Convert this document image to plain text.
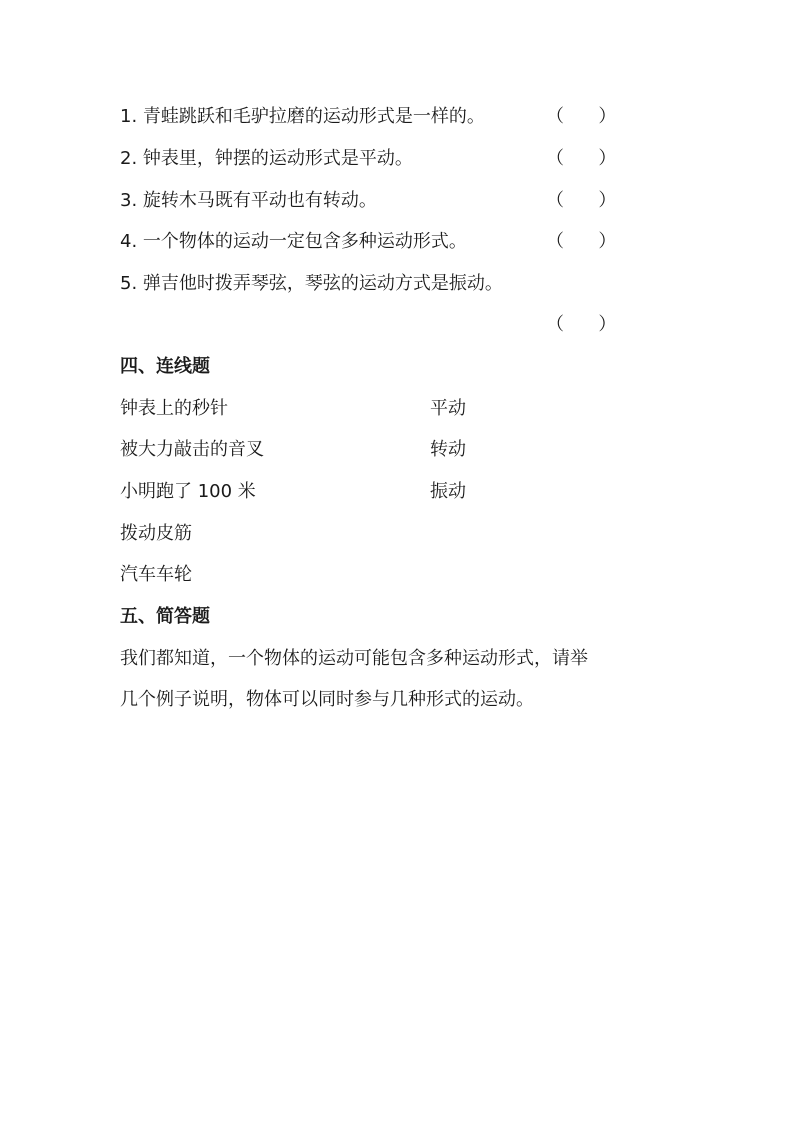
1. 青蛙跳跃和毛驴拉磨的运动形式是一样的。	（      ）
2. 钟表里，钟摆的运动形式是平动。	（      ）
3. 旋转木马既有平动也有转动。	（      ）
4. 一个物体的运动一定包含多种运动形式。	（      ）
5. 弹吉他时拨弄琴弦，琴弦的运动方式是振动。
（      ）
四、连线题
钟表上的秒针	平动
被大力敲击的音叉	转动
小明跑了 100 米	振动
拨动皮筋
汽车车轮
五、简答题
我们都知道，一个物体的运动可能包含多种运动形式，请举
几个例子说明，物体可以同时参与几种形式的运动。
